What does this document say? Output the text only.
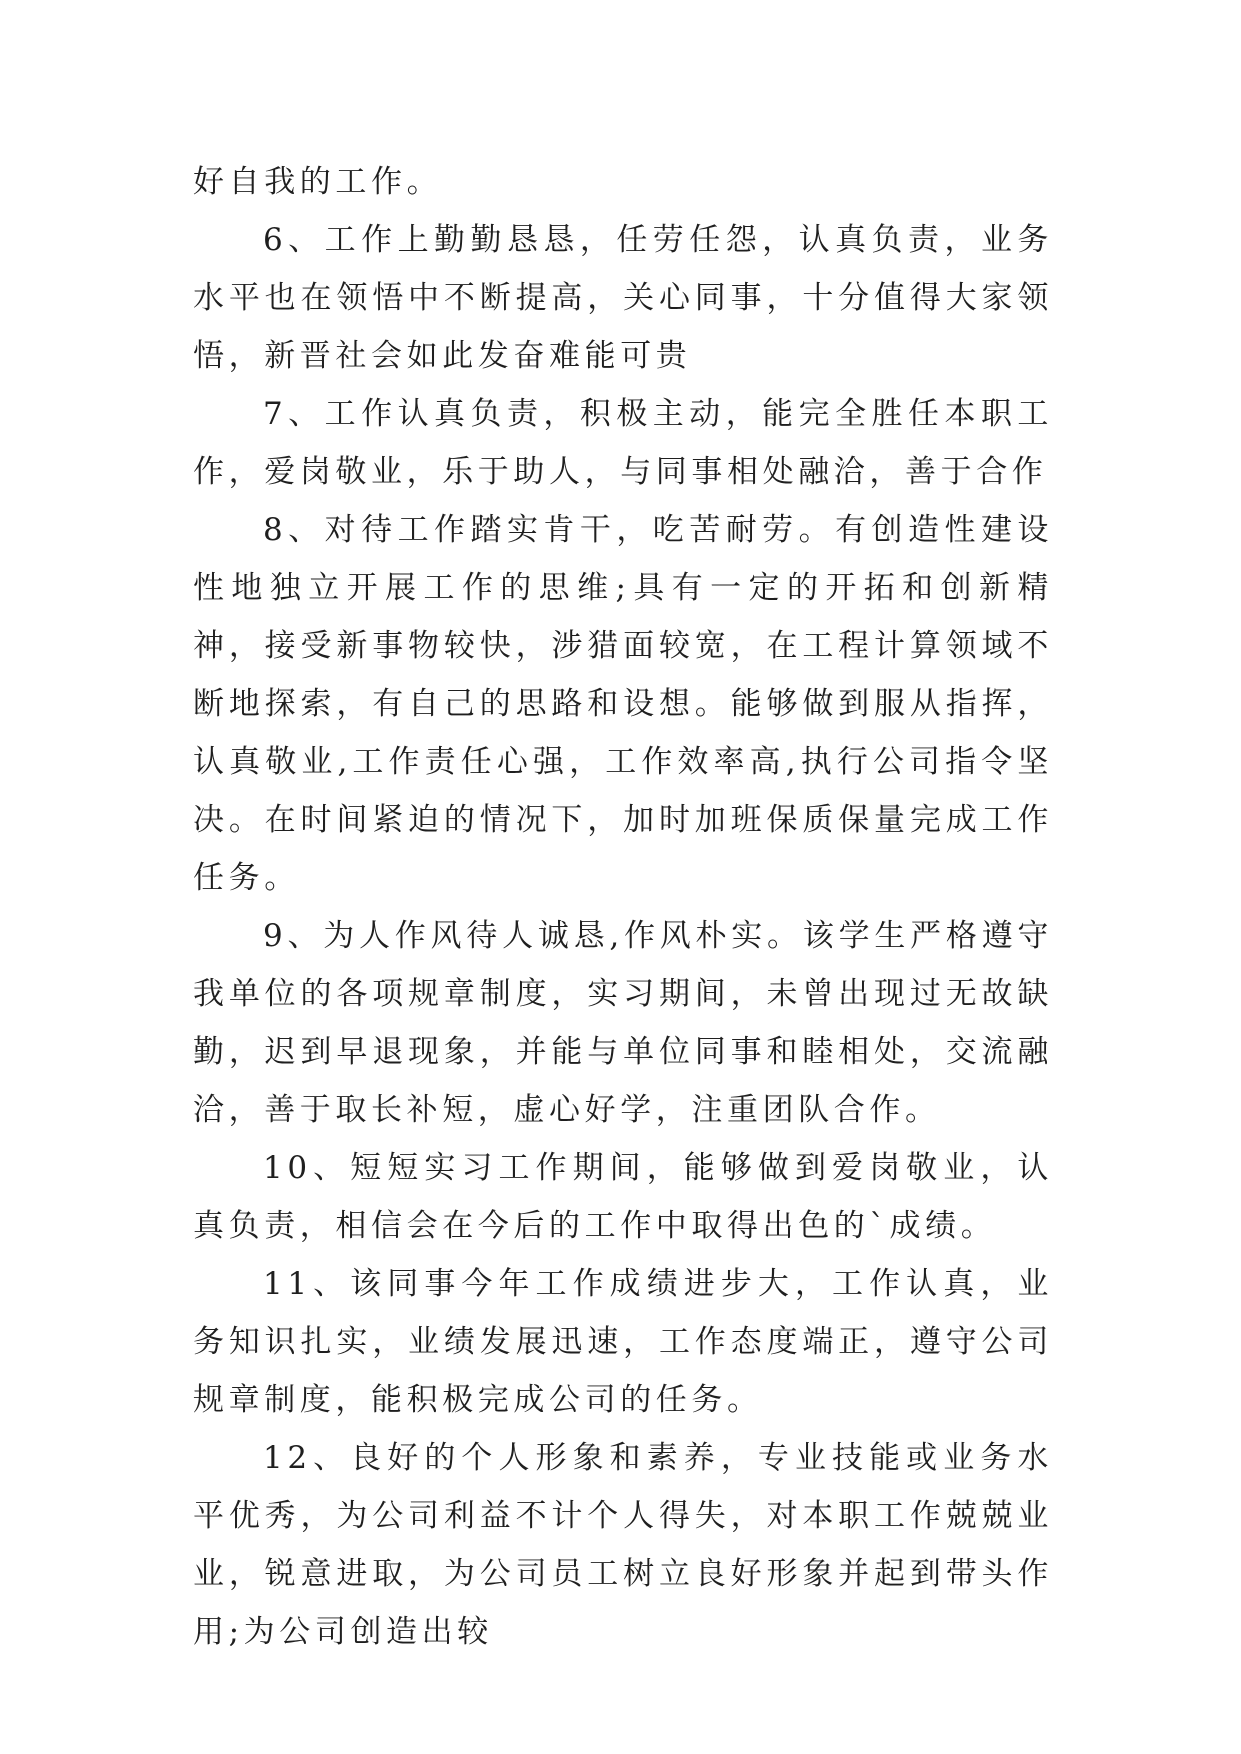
好自我的工作。

6、工作上勤勤恳恳，任劳任怨，认真负责，业务水平也在领悟中不断提高，关心同事，十分值得大家领悟，新晋社会如此发奋难能可贵

7、工作认真负责，积极主动，能完全胜任本职工作，爱岗敬业，乐于助人，与同事相处融洽，善于合作

8、对待工作踏实肯干，吃苦耐劳。有创造性建设性地独立开展工作的思维;具有一定的开拓和创新精神，接受新事物较快，涉猎面较宽，在工程计算领域不断地探索，有自己的思路和设想。能够做到服从指挥，认真敬业,工作责任心强，工作效率高,执行公司指令坚决。在时间紧迫的情况下，加时加班保质保量完成工作任务。

9、为人作风待人诚恳,作风朴实。该学生严格遵守我单位的各项规章制度，实习期间，未曾出现过无故缺勤，迟到早退现象，并能与单位同事和睦相处，交流融洽，善于取长补短，虚心好学，注重团队合作。

10、短短实习工作期间，能够做到爱岗敬业，认真负责，相信会在今后的工作中取得出色的`成绩。

11、该同事今年工作成绩进步大，工作认真，业务知识扎实，业绩发展迅速，工作态度端正，遵守公司规章制度，能积极完成公司的任务。

12、良好的个人形象和素养，专业技能或业务水平优秀，为公司利益不计个人得失，对本职工作兢兢业业，锐意进取，为公司员工树立良好形象并起到带头作用;为公司创造出较
